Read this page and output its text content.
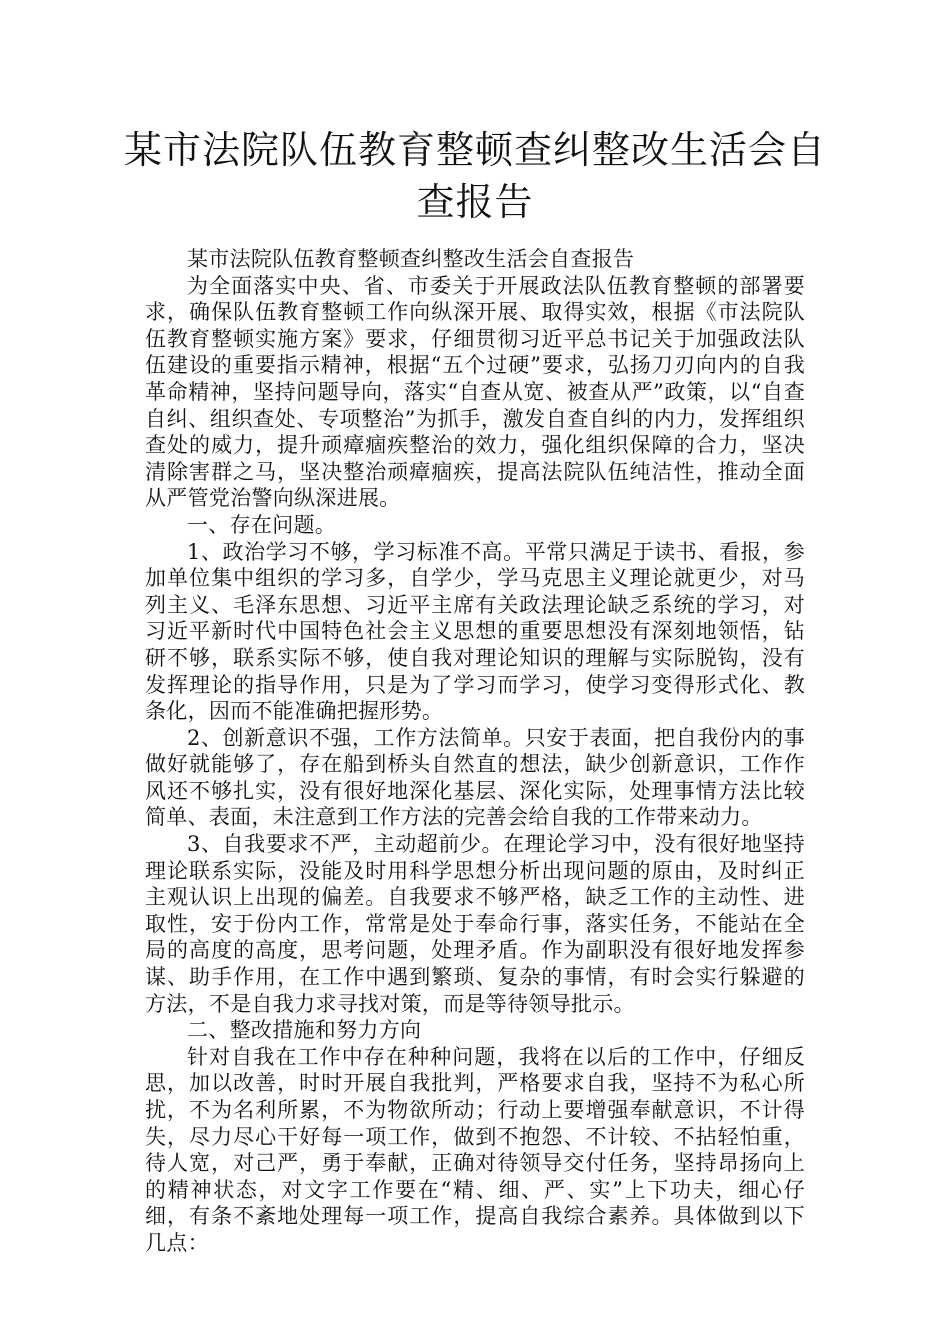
某市法院队伍教育整顿查纠整改生活会自查报告

某市法院队伍教育整顿查纠整改生活会自查报告

为全面落实中央、省、市委关于开展政法队伍教育整顿的部署要求，确保队伍教育整顿工作向纵深开展、取得实效，根据《市法院队伍教育整顿实施方案》要求，仔细贯彻习近平总书记关于加强政法队伍建设的重要指示精神，根据“五个过硬”要求，弘扬刀刃向内的自我革命精神，坚持问题导向，落实“自查从宽、被查从严”政策，以“自查自纠、组织查处、专项整治”为抓手，激发自查自纠的内力，发挥组织查处的威力，提升顽瘴痼疾整治的效力，强化组织保障的合力，坚决清除害群之马，坚决整治顽瘴痼疾，提高法院队伍纯洁性，推动全面从严管党治警向纵深进展。

一、存在问题。

1、政治学习不够，学习标准不高。平常只满足于读书、看报，参加单位集中组织的学习多，自学少，学马克思主义理论就更少，对马列主义、毛泽东思想、习近平主席有关政法理论缺乏系统的学习，对习近平新时代中国特色社会主义思想的重要思想没有深刻地领悟，钻研不够，联系实际不够，使自我对理论知识的理解与实际脱钩，没有发挥理论的指导作用，只是为了学习而学习，使学习变得形式化、教条化，因而不能准确把握形势。

2、创新意识不强，工作方法简单。只安于表面，把自我份内的事做好就能够了，存在船到桥头自然直的想法，缺少创新意识，工作作风还不够扎实，没有很好地深化基层、深化实际，处理事情方法比较简单、表面，未注意到工作方法的完善会给自我的工作带来动力。

3、自我要求不严，主动超前少。在理论学习中，没有很好地坚持理论联系实际，没能及时用科学思想分析出现问题的原由，及时纠正主观认识上出现的偏差。自我要求不够严格，缺乏工作的主动性、进取性，安于份内工作，常常是处于奉命行事，落实任务，不能站在全局的高度的高度，思考问题，处理矛盾。作为副职没有很好地发挥参谋、助手作用，在工作中遇到繁琐、复杂的事情，有时会实行躲避的方法，不是自我力求寻找对策，而是等待领导批示。

二、整改措施和努力方向

针对自我在工作中存在种种问题，我将在以后的工作中，仔细反思，加以改善，时时开展自我批判，严格要求自我，坚持不为私心所扰，不为名利所累，不为物欲所动；行动上要增强奉献意识，不计得失，尽力尽心干好每一项工作，做到不抱怨、不计较、不拈轻怕重，待人宽，对己严，勇于奉献，正确对待领导交付任务，坚持昂扬向上的精神状态，对文字工作要在“精、细、严、实”上下功夫，细心仔细，有条不紊地处理每一项工作，提高自我综合素养。具体做到以下几点：
